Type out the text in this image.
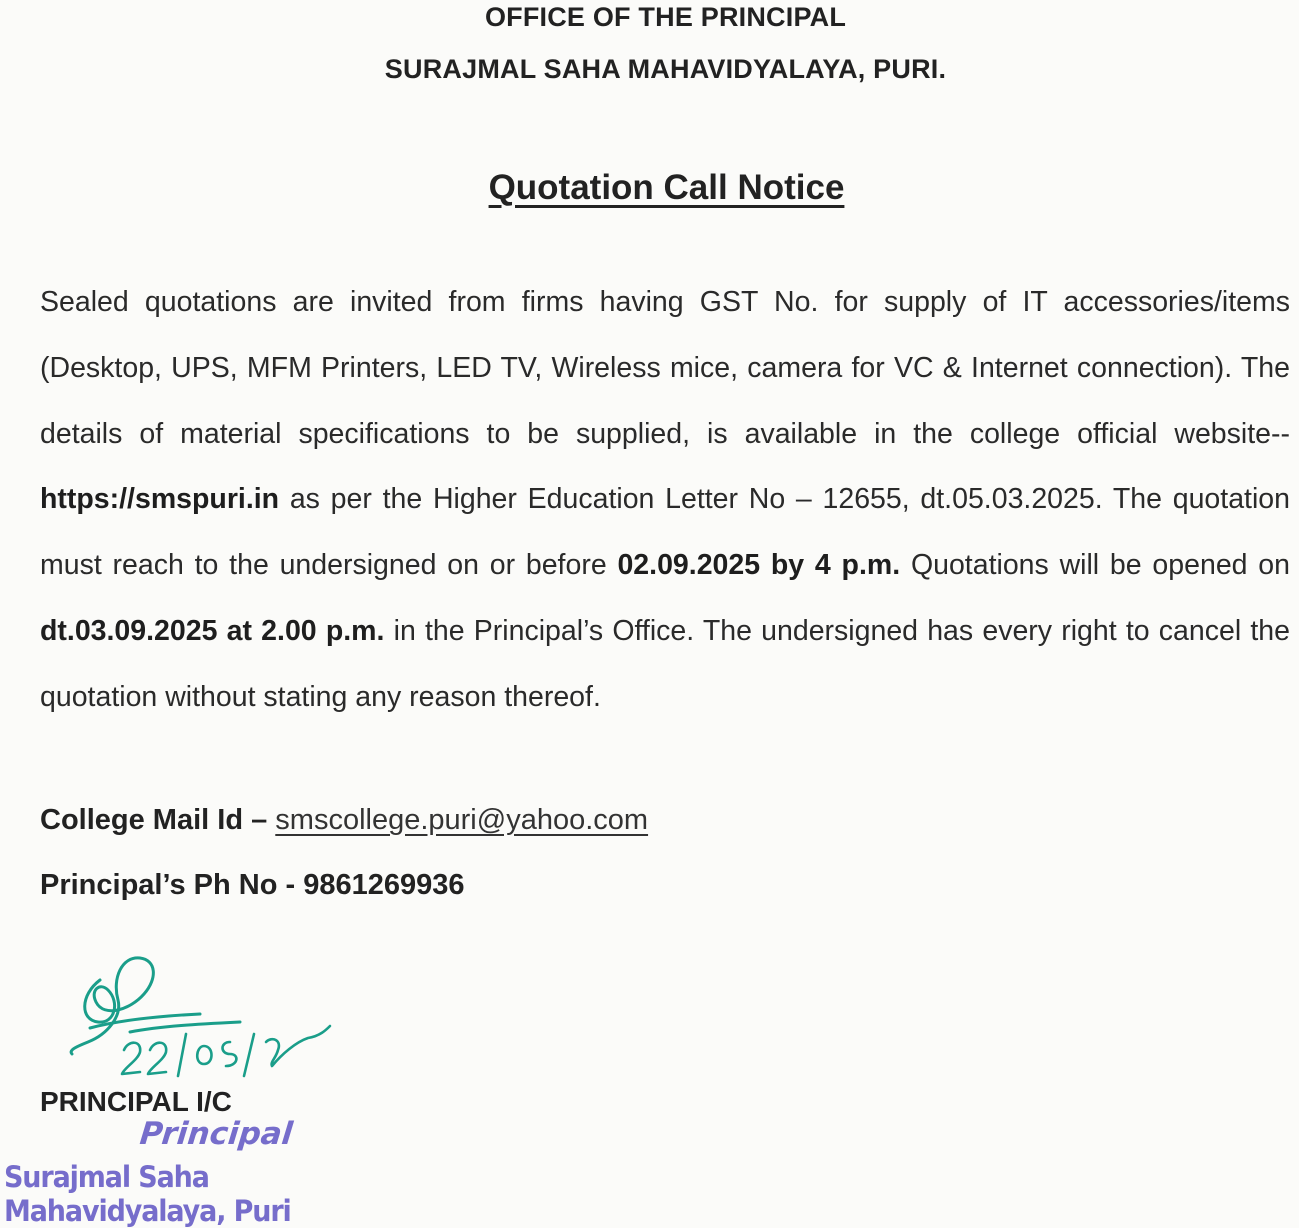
OFFICE OF THE PRINCIPAL
SURAJMAL SAHA MAHAVIDYALAYA, PURI.
Quotation Call Notice
Sealed quotations are invited from firms having GST No. for supply of IT accessories/items (Desktop, UPS, MFM Printers, LED TV, Wireless mice, camera for VC & Internet connection). The details of material specifications to be supplied, is available in the college official website--https://smspuri.in as per the Higher Education Letter No – 12655, dt.05.03.2025. The quotation must reach to the undersigned on or before 02.09.2025 by 4 p.m. Quotations will be opened on dt.03.09.2025 at 2.00 p.m. in the Principal’s Office. The undersigned has every right to cancel the quotation without stating any reason thereof.
College Mail Id – smscollege.puri@yahoo.com
Principal’s Ph No - 9861269936
PRINCIPAL I/C
Principal
Surajmal Saha Mahavidyalaya, Puri
